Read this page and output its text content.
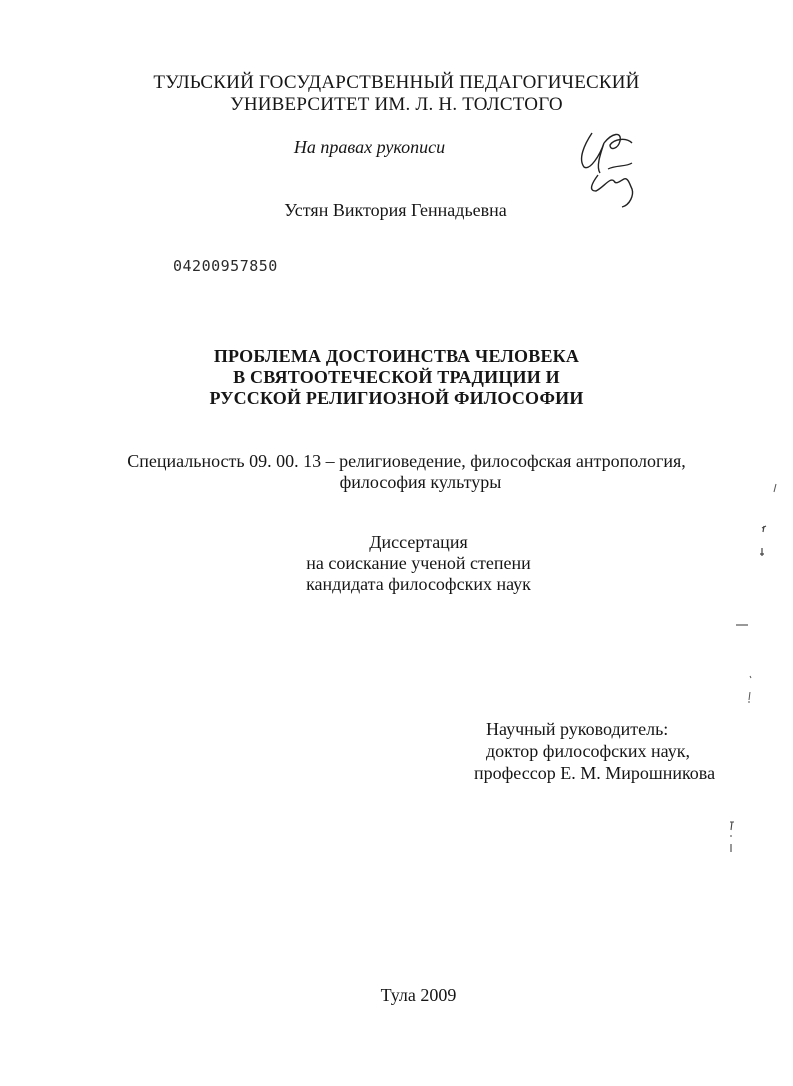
ТУЛЬСКИЙ ГОСУДАРСТВЕННЫЙ ПЕДАГОГИЧЕСКИЙ
УНИВЕРСИТЕТ ИМ. Л. Н. ТОЛСТОГО
На правах рукописи
Устян Виктория Геннадьевна
04200957850
ПРОБЛЕМА ДОСТОИНСТВА ЧЕЛОВЕКА
В СВЯТООТЕЧЕСКОЙ ТРАДИЦИИ И
РУССКОЙ РЕЛИГИОЗНОЙ ФИЛОСОФИИ
Специальность 09. 00. 13 – религиоведение, философская антропология,
философия культуры
Диссертация
на соискание ученой степени
кандидата философских наук
Научный руководитель:
доктор философских наук,
профессор Е. М. Мирошникова
Тула 2009
